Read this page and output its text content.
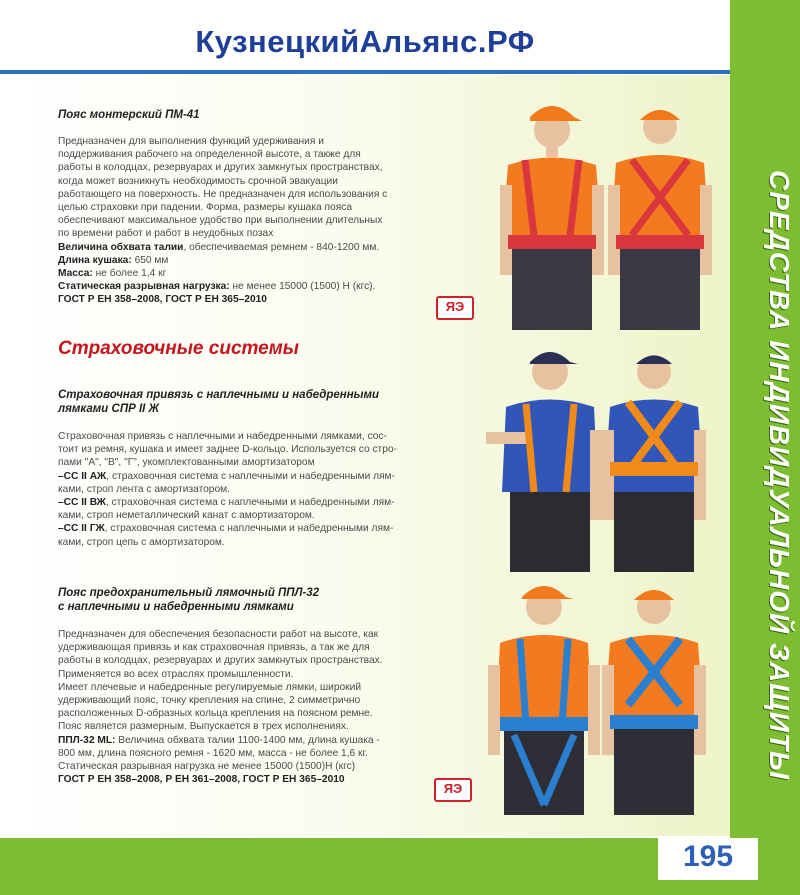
КузнецкийАльянс.РФ
СРЕДСТВА ИНДИВИДУАЛЬНОЙ ЗАЩИТЫ
Пояс монтерский ПМ-41

Предназначен для выполнения функций удерживания и

поддерживания рабочего на определенной высоте, а также для

работы в колодцах, резервуарах и других замкнутых пространствах,

когда может возникнуть необходимость срочной эвакуации

работающего на поверхность. Не предназначен для использования с

целью страховки при падении. Форма, размеры кушака пояса

обеспечивают максимальное удобство при выполнении длительных

по времени работ и работ в неудобных позах

Величина обхвата талии, обеспечиваемая ремнем - 840-1200 мм.

Длина кушака: 650 мм

Масса: не более 1,4 кг

Статическая разрывная нагрузка: не менее 15000 (1500) Н (кгс).

ГОСТ Р ЕН 358–2008, ГОСТ Р ЕН 365–2010	ЯЭ
Страховочные системы
Страховочная привязь с наплечными и набедренными
лямками СПР II Ж

Страховочная привязь с наплечными и набедренными лямками, сос-

тоит из ремня, кушака и имеет заднее D-кольцо. Используется со стро-

пами "А", "В", "Г", укомплектованными амортизатором

–СС II АЖ, страховочная система с наплечными и набедренными лям-

ками, строп лента с амортизатором.

–СС II ВЖ, страховочная система с наплечными и набедренными лям-

ками, строп неметаллический канат с амортизатором.

–СС II ГЖ, страховочная система с наплечными и набедренными лям-

ками, строп цепь с амортизатором.

Пояс предохранительный лямочный ППЛ-32
с наплечными и набедренными лямками

Предназначен для обеспечения безопасности работ на высоте, как

удерживающая привязь и как страховочная привязь, а так же для

работы в колодцах, резервуарах и других замкнутых пространствах.

Применяется во всех отраслях промышленности.

Имеет плечевые и набедренные регулируемые лямки, широкий

удерживающий пояс, точку крепления на спине, 2 симметрично

расположенных D-образных кольца крепления на поясном ремне.

Пояс является размерным. Выпускается в трех исполнениях.

ППЛ-32 ML: Величина обхвата талии 1100-1400 мм, длина кушака -

800 мм, длина поясного ремня - 1620 мм, масса - не более 1,6 кг.

Статическая разрывная нагрузка не менее 15000 (1500)Н (кгс)

ГОСТ Р ЕН 358–2008, Р ЕН 361–2008, ГОСТ Р ЕН 365–2010

ЯЭ
195
